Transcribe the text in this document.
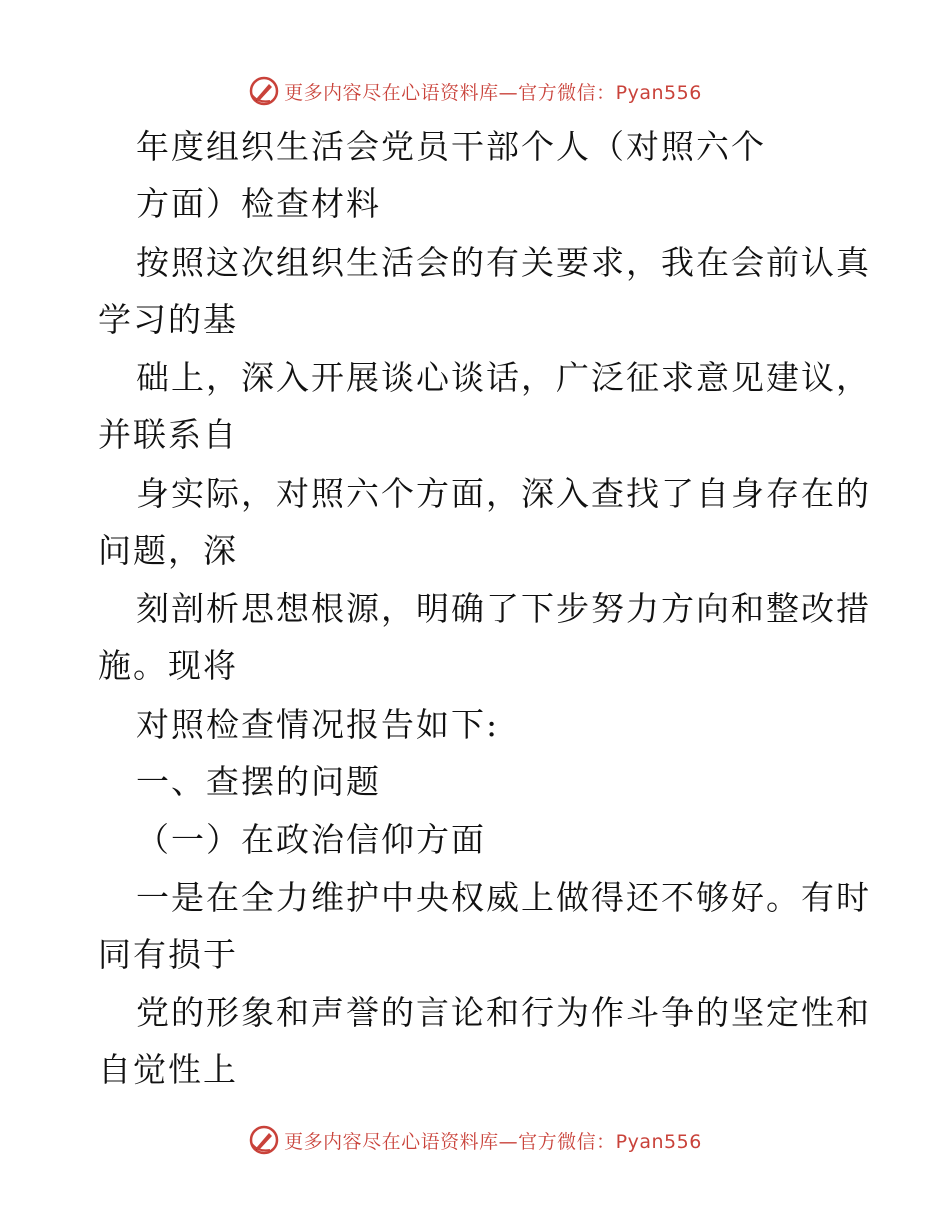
更多内容尽在心语资料库—官方微信：Pyan556
年度组织生活会党员干部个人（对照六个
方面）检查材料
按照这次组织生活会的有关要求，我在会前认真
学习的基
础上，深入开展谈心谈话，广泛征求意见建议，
并联系自
身实际，对照六个方面，深入查找了自身存在的
问题，深
刻剖析思想根源，明确了下步努力方向和整改措
施。现将
对照检查情况报告如下:
一、查摆的问题
（一）在政治信仰方面
一是在全力维护中央权威上做得还不够好。有时
同有损于
党的形象和声誉的言论和行为作斗争的坚定性和
自觉性上
更多内容尽在心语资料库—官方微信：Pyan556
